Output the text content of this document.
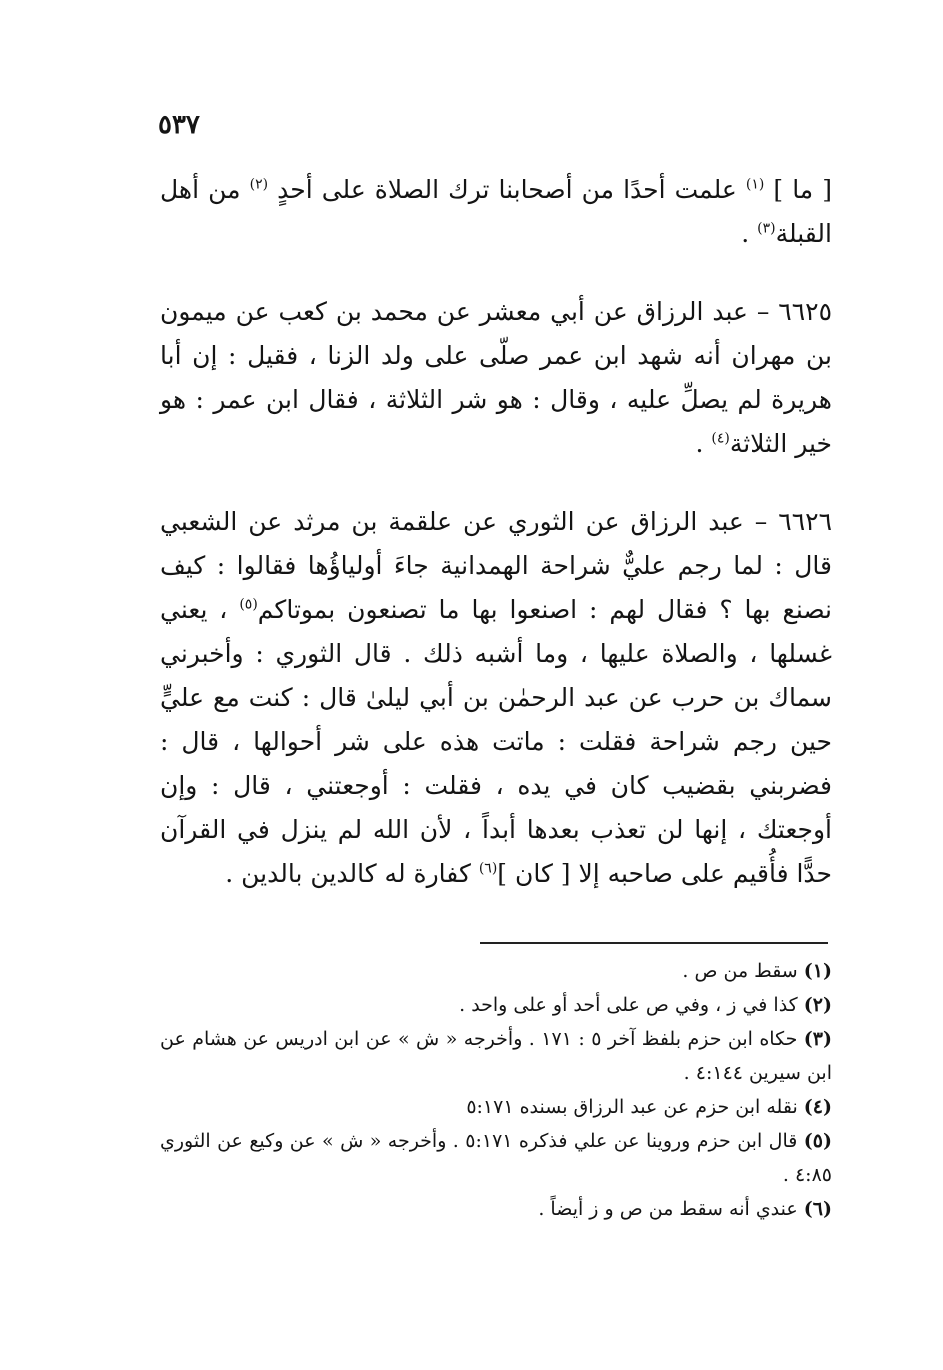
٥٣٧

[ ما ] $^{(١)}$ علمت أحدًا من أصحابنا ترك الصلاة على أحدٍ $^{(٢)}$ من أهل القبلة$^{(٣)}$ .

٦٦٢٥ – عبد الرزاق عن أبي معشر عن محمد بن كعب عن ميمون بن مهران أنه شهد ابن عمر صلّى على ولد الزنا ، فقيل : إن أبا هريرة لم يصلِّ عليه ، وقال : هو شر الثلاثة ، فقال ابن عمر : هو خير الثلاثة$^{(٤)}$ .

٦٦٢٦ – عبد الرزاق عن الثوري عن علقمة بن مرثد عن الشعبي قال : لما رجم عليٌّ شراحة الهمدانية جاءَ أولياؤُها فقالوا : كيف نصنع بها ؟ فقال لهم : اصنعوا بها ما تصنعون بموتاكم$^{(٥)}$ ، يعني غسلها ، والصلاة عليها ، وما أشبه ذلك . قال الثوري : وأخبرني سماك بن حرب عن عبد الرحمٰن بن أبي ليلىٰ قال : كنت مع عليٍّ حين رجم شراحة فقلت : ماتت هذه على شر أحوالها ، قال : فضربني بقضيب كان في يده ، فقلت : أوجعتني ، قال : وإن أوجعتك ، إنها لن تعذب بعدها أبداً ، لأن الله لم ينزل في القرآن حدًّا فأُقيم على صاحبه إلا [ كان ]$^{(٦)}$ كفارة له كالدين بالدين .

(١) سقط من ص .

(٢) كذا في ز ، وفي ص على أحد أو على واحد .

(٣) حكاه ابن حزم بلفظ آخر ٥ : ١٧١ . وأخرجه « ش » عن ابن ادريس عن هشام عن ابن سيرين ٤:١٤٤ .

(٤) نقله ابن حزم عن عبد الرزاق بسنده ٥:١٧١

(٥) قال ابن حزم وروينا عن علي فذكره ٥:١٧١ . وأخرجه « ش » عن وكيع عن الثوري ٤:٨٥ .

(٦) عندي أنه سقط من ص و ز أيضاً .
